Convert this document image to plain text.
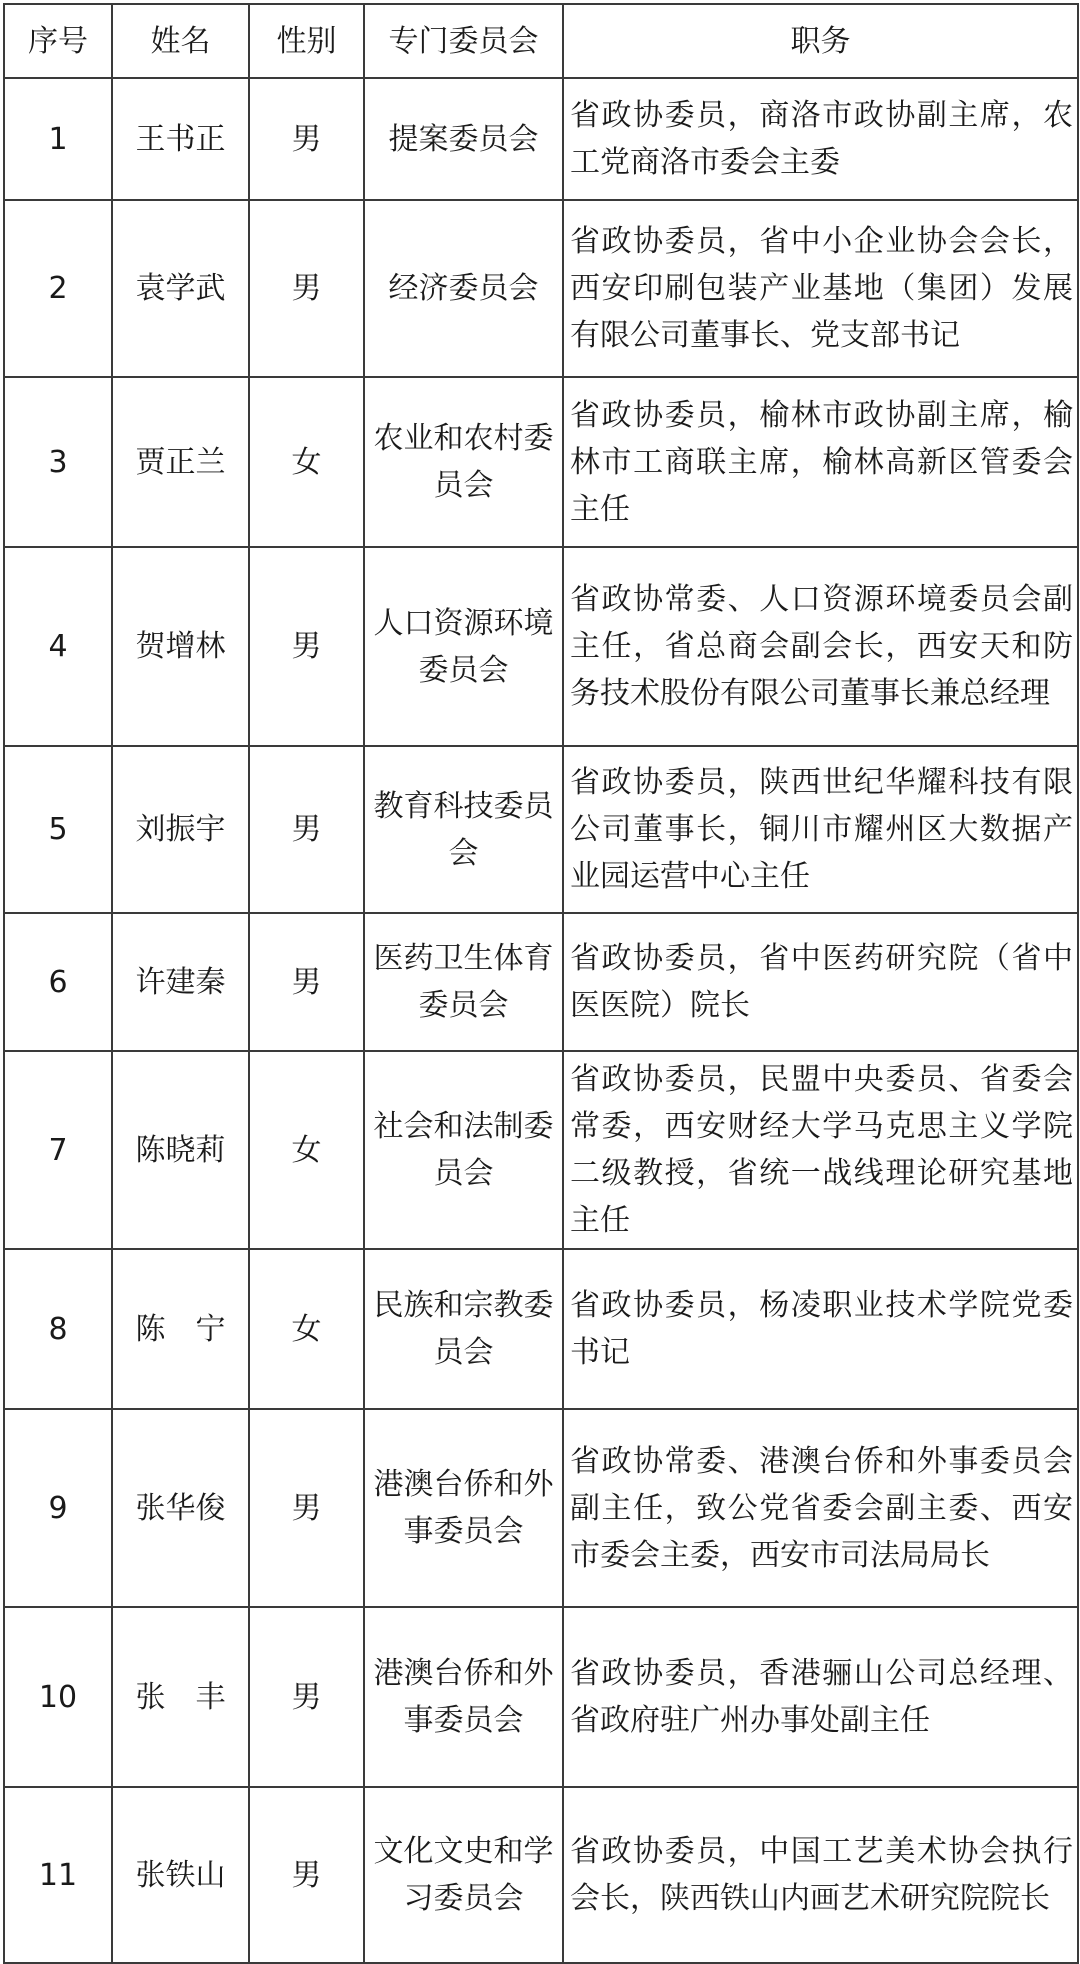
序号	姓名	性别	专门委员会	职务
1	王书正	男	提案委员会	省政协委员，商洛市政协副主席，农工党商洛市委会主委
2	袁学武	男	经济委员会	省政协委员，省中小企业协会会长，西安印刷包装产业基地（集团）发展有限公司董事长、党支部书记
3	贾正兰	女	农业和农村委员会	省政协委员，榆林市政协副主席，榆林市工商联主席，榆林高新区管委会主任
4	贺增林	男	人口资源环境委员会	省政协常委、人口资源环境委员会副主任，省总商会副会长，西安天和防务技术股份有限公司董事长兼总经理
5	刘振宇	男	教育科技委员会	省政协委员，陕西世纪华耀科技有限公司董事长，铜川市耀州区大数据产业园运营中心主任
6	许建秦	男	医药卫生体育委员会	省政协委员，省中医药研究院（省中医医院）院长
7	陈晓莉	女	社会和法制委员会	省政协委员，民盟中央委员、省委会常委，西安财经大学马克思主义学院二级教授，省统一战线理论研究基地主任
8	陈　宁	女	民族和宗教委员会	省政协委员，杨凌职业技术学院党委书记
9	张华俊	男	港澳台侨和外事委员会	省政协常委、港澳台侨和外事委员会副主任，致公党省委会副主委、西安市委会主委，西安市司法局局长
10	张　丰	男	港澳台侨和外事委员会	省政协委员，香港骊山公司总经理、省政府驻广州办事处副主任
11	张铁山	男	文化文史和学习委员会	省政协委员，中国工艺美术协会执行会长，陕西铁山内画艺术研究院院长
